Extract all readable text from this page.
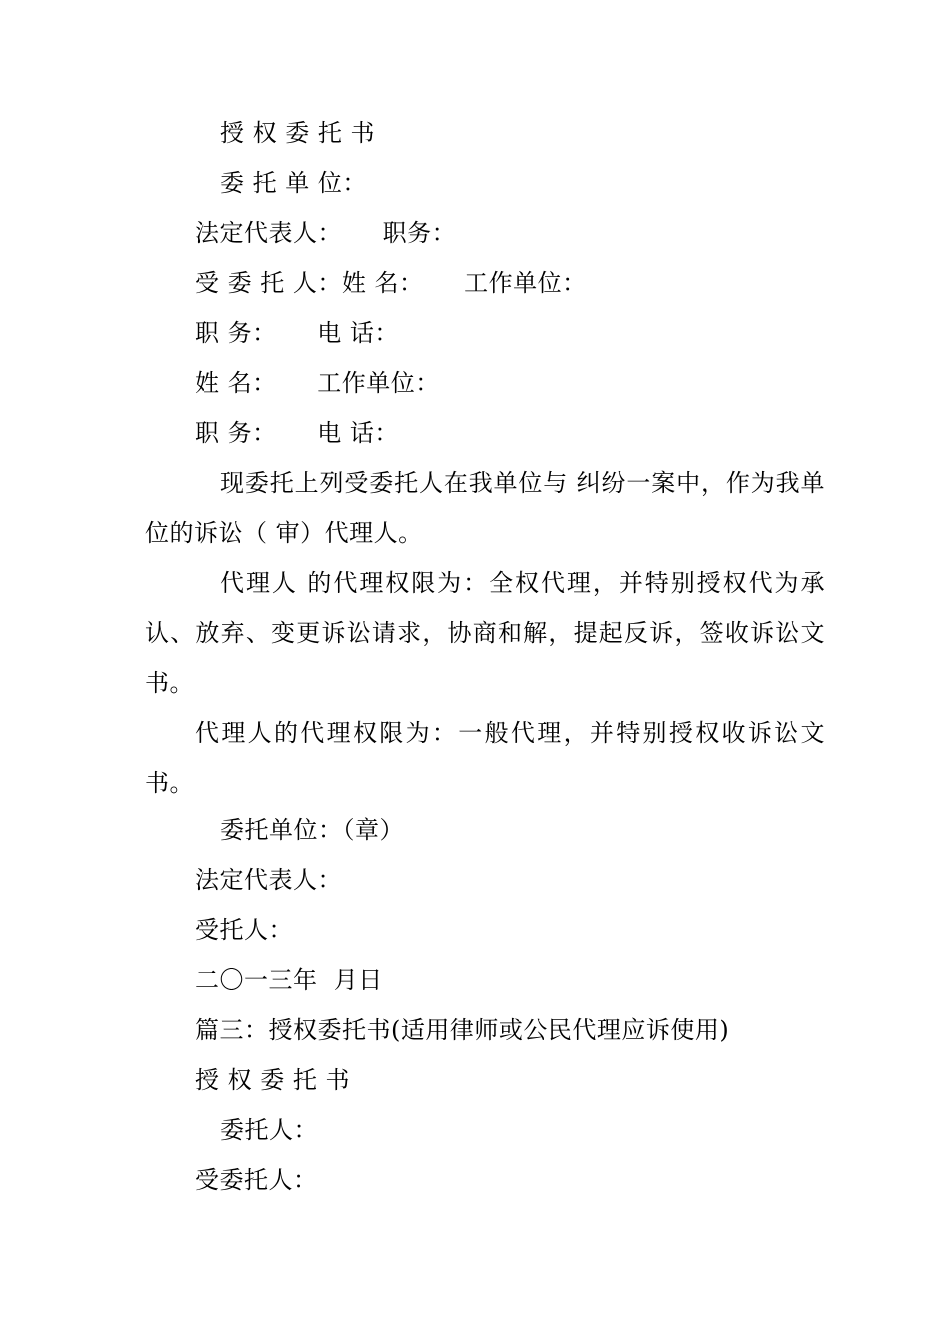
授 权 委 托 书
委 托 单 位：
法定代表人：     职务：
受 委 托 人：姓 名：     工作单位：
职 务：     电 话：
姓 名：     工作单位：
职 务：     电 话：
现委托上列受委托人在我单位与 纠纷一案中，作为我单位的诉讼（ 审）代理人。
代理人 的代理权限为：全权代理，并特别授权代为承认、放弃、变更诉讼请求，协商和解，提起反诉，签收诉讼文书。
代理人的代理权限为：一般代理，并特别授权收诉讼文书。
委托单位：（章）
法定代表人：
受托人：
二〇一三年  月日
篇三：授权委托书(适用律师或公民代理应诉使用)
授 权 委 托 书
委托人：
受委托人：
